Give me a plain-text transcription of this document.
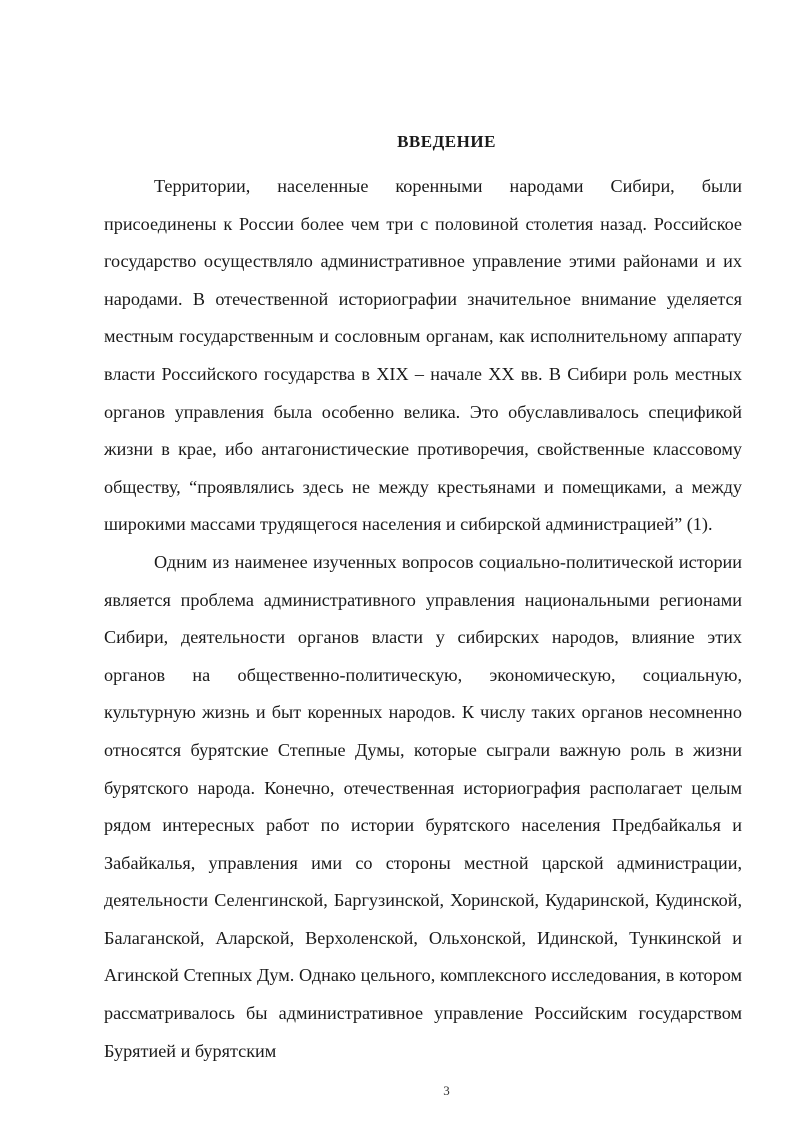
ВВЕДЕНИЕ

Территории, населенные коренными народами Сибири, были присоединены к России более чем три с половиной столетия назад. Российское государство осуществляло административное управление этими районами и их народами. В отечественной историографии значительное внимание уделяется местным государственным и сословным органам, как исполнительному аппарату власти Российского государства в XIX – начале XX вв. В Сибири роль местных органов управления была особенно велика. Это обуславливалось спецификой жизни в крае, ибо антагонистические противоречия, свойственные классовому обществу, “проявлялись здесь не между крестьянами и помещиками, а между широкими массами трудящегося населения и сибирской администрацией” (1).

Одним из наименее изученных вопросов социально-политической истории является проблема административного управления национальными регионами Сибири, деятельности органов власти у сибирских народов, влияние этих органов на общественно-политическую, экономическую, социальную, культурную жизнь и быт коренных народов. К числу таких органов несомненно относятся бурятские Степные Думы, которые сыграли важную роль в жизни бурятского народа. Конечно, отечественная историография располагает целым рядом интересных работ по истории бурятского населения Предбайкалья и Забайкалья, управления ими со стороны местной царской администрации, деятельности Селенгинской, Баргузинской, Хоринской, Кударинской, Кудинской, Балаганской, Аларской, Верхоленской, Ольхонской, Идинской, Тункинской и Агинской Степных Дум. Однако цельного, комплексного исследования, в котором рассматривалось бы административное управление Российским государством Бурятией и бурятским

3
